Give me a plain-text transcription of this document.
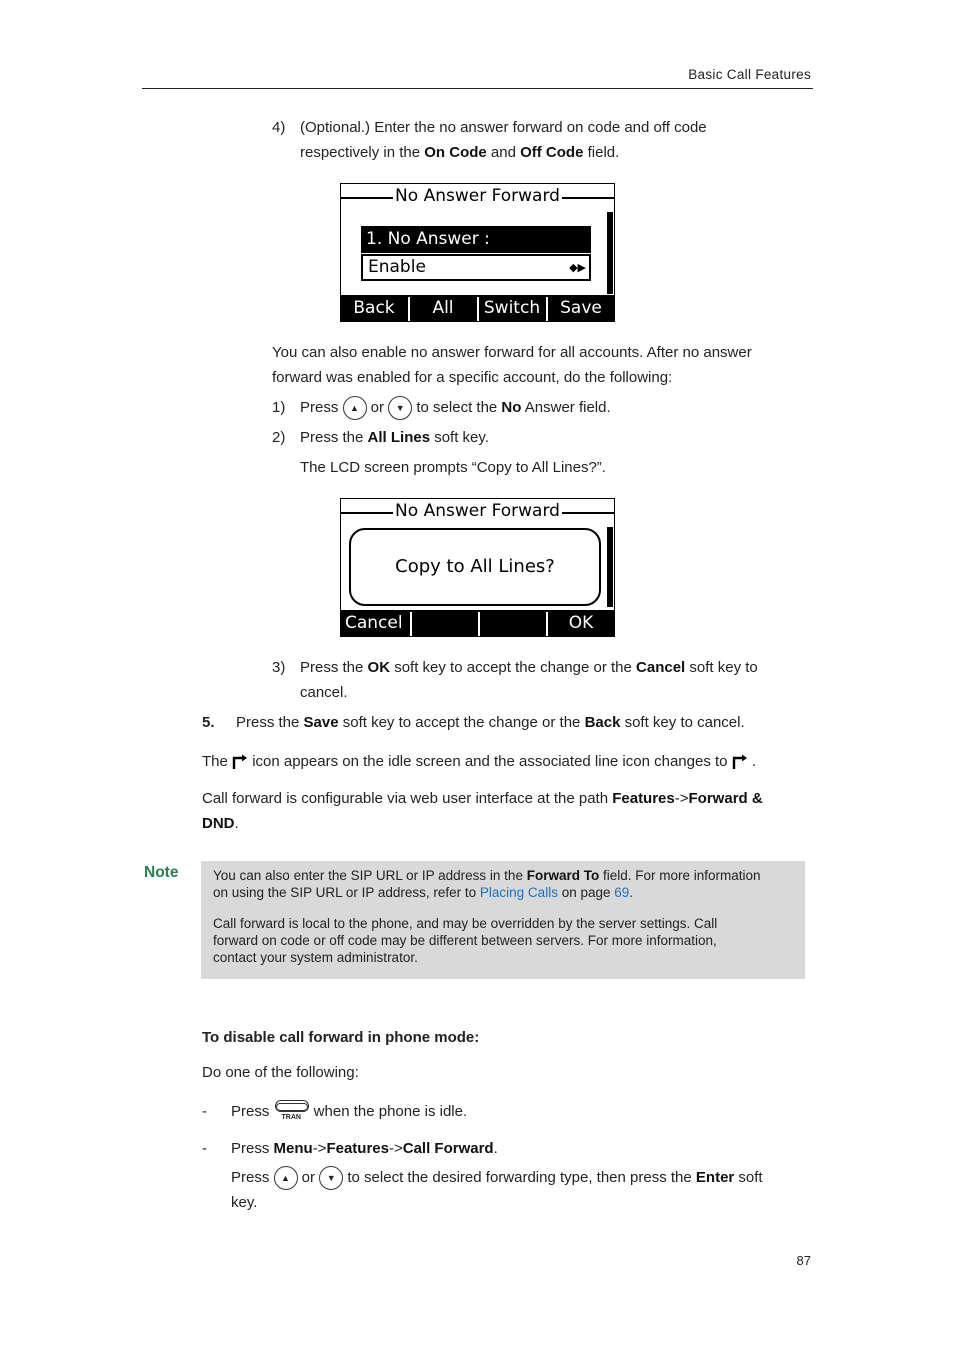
Basic Call Features
4) (Optional.) Enter the no answer forward on code and off code
respectively in the On Code and Off Code field.
No Answer Forward
1. No Answer :
Enable	◆▶
Back	All Lines
Switch	Save
You can also enable no answer forward for all accounts. After no answer
forward was enabled for a specific account, do the following:
1) Press ▲ or ▼ to select the No Answer field.
2) Press the All Lines soft key.
The LCD screen prompts “Copy to All Lines?”.
No Answer Forward
Copy to All Lines?
Cancel	OK
3) Press the OK soft key to accept the change or the Cancel soft key to
cancel.
5. Press the Save soft key to accept the change or the Back soft key to cancel.
The  icon appears on the idle screen and the associated line icon changes to  .
Call forward is configurable via web user interface at the path Features->Forward &
DND.
Note	You can also enter the SIP URL or IP address in the Forward To field. For more information

on using the SIP URL or IP address, refer to Placing Calls on page 69.

Call forward is local to the phone, and may be overridden by the server settings. Call

forward on code or off code may be different between servers. For more information,

contact your system administrator.

To disable call forward in phone mode:
Do one of the following:
- Press TRAN when the phone is idle.
- Press Menu->Features->Call Forward.
Press ▲ or ▼ to select the desired forwarding type, then press the Enter soft
key.
87
